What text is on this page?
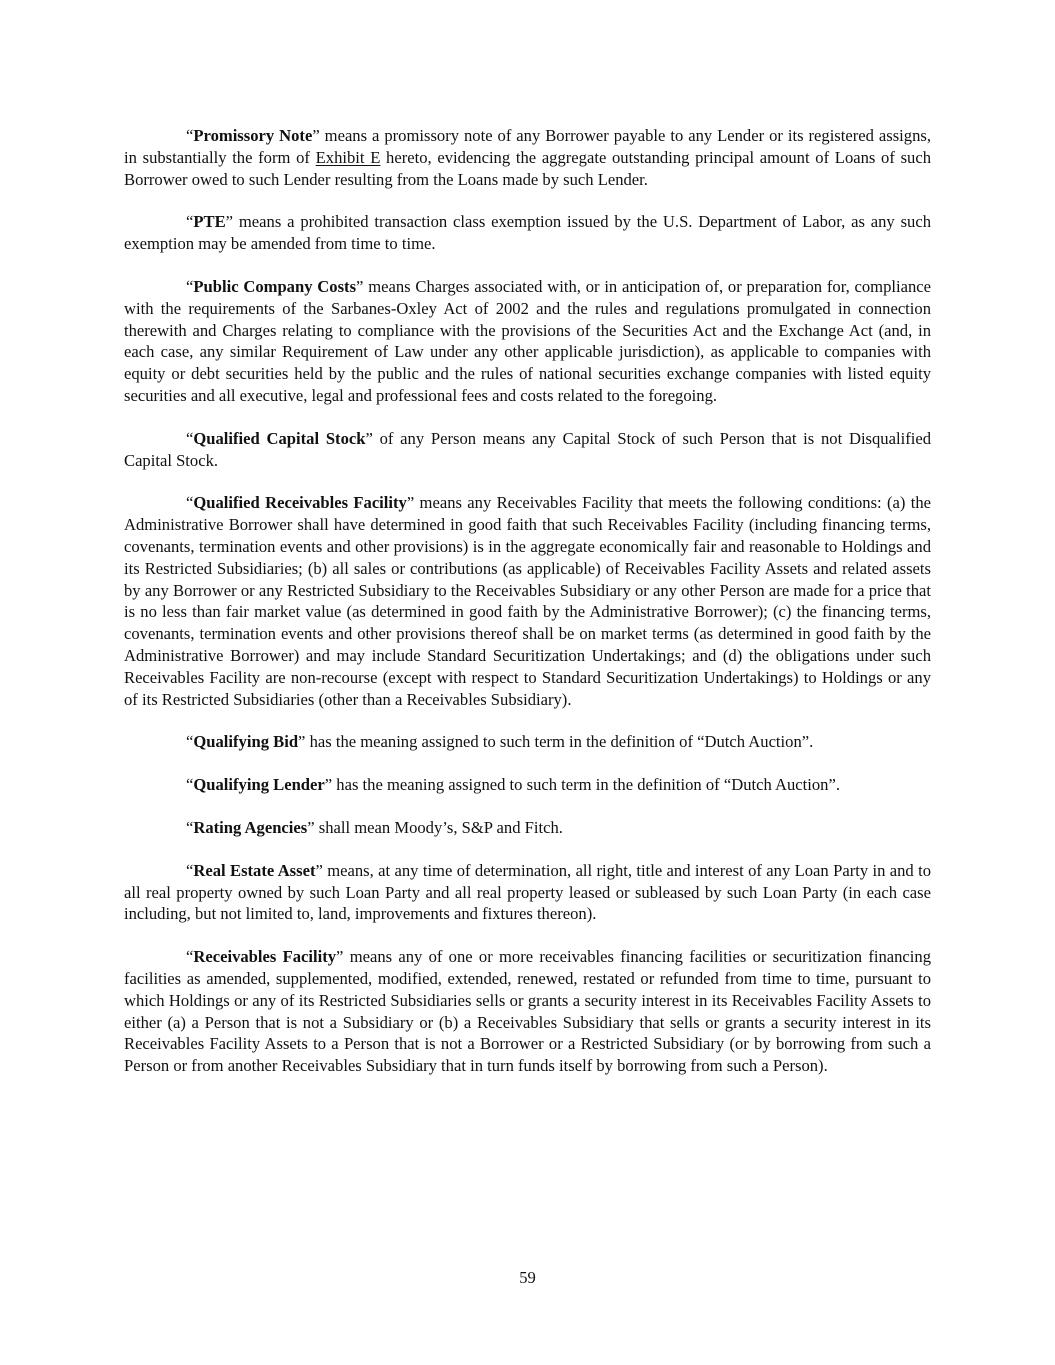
“Promissory Note” means a promissory note of any Borrower payable to any Lender or its registered assigns, in substantially the form of Exhibit E hereto, evidencing the aggregate outstanding principal amount of Loans of such Borrower owed to such Lender resulting from the Loans made by such Lender.

“PTE” means a prohibited transaction class exemption issued by the U.S. Department of Labor, as any such exemption may be amended from time to time.

“Public Company Costs” means Charges associated with, or in anticipation of, or preparation for, compliance with the requirements of the Sarbanes-Oxley Act of 2002 and the rules and regulations promulgated in connection therewith and Charges relating to compliance with the provisions of the Securities Act and the Exchange Act (and, in each case, any similar Requirement of Law under any other applicable jurisdiction), as applicable to companies with equity or debt securities held by the public and the rules of national securities exchange companies with listed equity securities and all executive, legal and professional fees and costs related to the foregoing.

“Qualified Capital Stock” of any Person means any Capital Stock of such Person that is not Disqualified Capital Stock.

“Qualified Receivables Facility” means any Receivables Facility that meets the following conditions: (a) the Administrative Borrower shall have determined in good faith that such Receivables Facility (including financing terms, covenants, termination events and other provisions) is in the aggregate economically fair and reasonable to Holdings and its Restricted Subsidiaries; (b) all sales or contributions (as applicable) of Receivables Facility Assets and related assets by any Borrower or any Restricted Subsidiary to the Receivables Subsidiary or any other Person are made for a price that is no less than fair market value (as determined in good faith by the Administrative Borrower); (c) the financing terms, covenants, termination events and other provisions thereof shall be on market terms (as determined in good faith by the Administrative Borrower) and may include Standard Securitization Undertakings; and (d) the obligations under such Receivables Facility are non-recourse (except with respect to Standard Securitization Undertakings) to Holdings or any of its Restricted Subsidiaries (other than a Receivables Subsidiary).

“Qualifying Bid” has the meaning assigned to such term in the definition of “Dutch Auction”.

“Qualifying Lender” has the meaning assigned to such term in the definition of “Dutch Auction”.

“Rating Agencies” shall mean Moody’s, S&P and Fitch.

“Real Estate Asset” means, at any time of determination, all right, title and interest of any Loan Party in and to all real property owned by such Loan Party and all real property leased or subleased by such Loan Party (in each case including, but not limited to, land, improvements and fixtures thereon).

“Receivables Facility” means any of one or more receivables financing facilities or securitization financing facilities as amended, supplemented, modified, extended, renewed, restated or refunded from time to time, pursuant to which Holdings or any of its Restricted Subsidiaries sells or grants a security interest in its Receivables Facility Assets to either (a) a Person that is not a Subsidiary or (b) a Receivables Subsidiary that sells or grants a security interest in its Receivables Facility Assets to a Person that is not a Borrower or a Restricted Subsidiary (or by borrowing from such a Person or from another Receivables Subsidiary that in turn funds itself by borrowing from such a Person).

59
